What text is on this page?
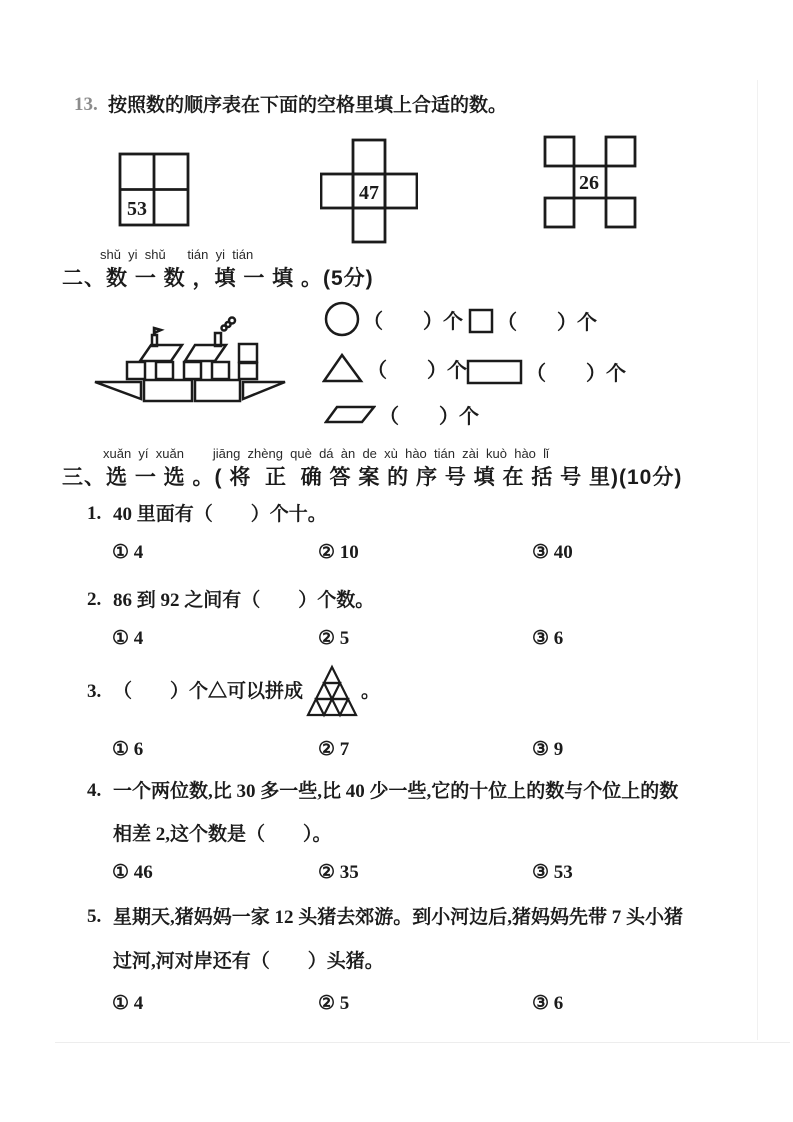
13. 按照数的顺序表在下面的空格里填上合适的数。
53
47	26
shǔ  yi  shǔ      tián  yi  tián
二、数 一 数 ，填 一 填 。(5分)
（　　）个 （　　）个
（　　）个	（　　）个
（　　）个
xuǎn  yí  xuǎn        jiāng  zhèng  què  dá  àn  de  xù  hào  tián  zài  kuò  hào  lǐ
三、选 一 选 。( 将  正  确 答 案 的 序 号 填 在 括 号 里)(10分)
1. 40 里面有（　　）个十。
① 4	② 10	③ 40
2. 86 到 92 之间有（　　）个数。
① 4	② 5	③ 6
3. （　　）个△可以拼成	。
① 6	② 7	③ 9
4. 一个两位数,比 30 多一些,比 40 少一些,它的十位上的数与个位上的数
相差 2,这个数是（　　）。
① 46	② 35	③ 53
5. 星期天,猪妈妈一家 12 头猪去郊游。到小河边后,猪妈妈先带 7 头小猪
过河,河对岸还有（　　）头猪。
① 4	② 5	③ 6
